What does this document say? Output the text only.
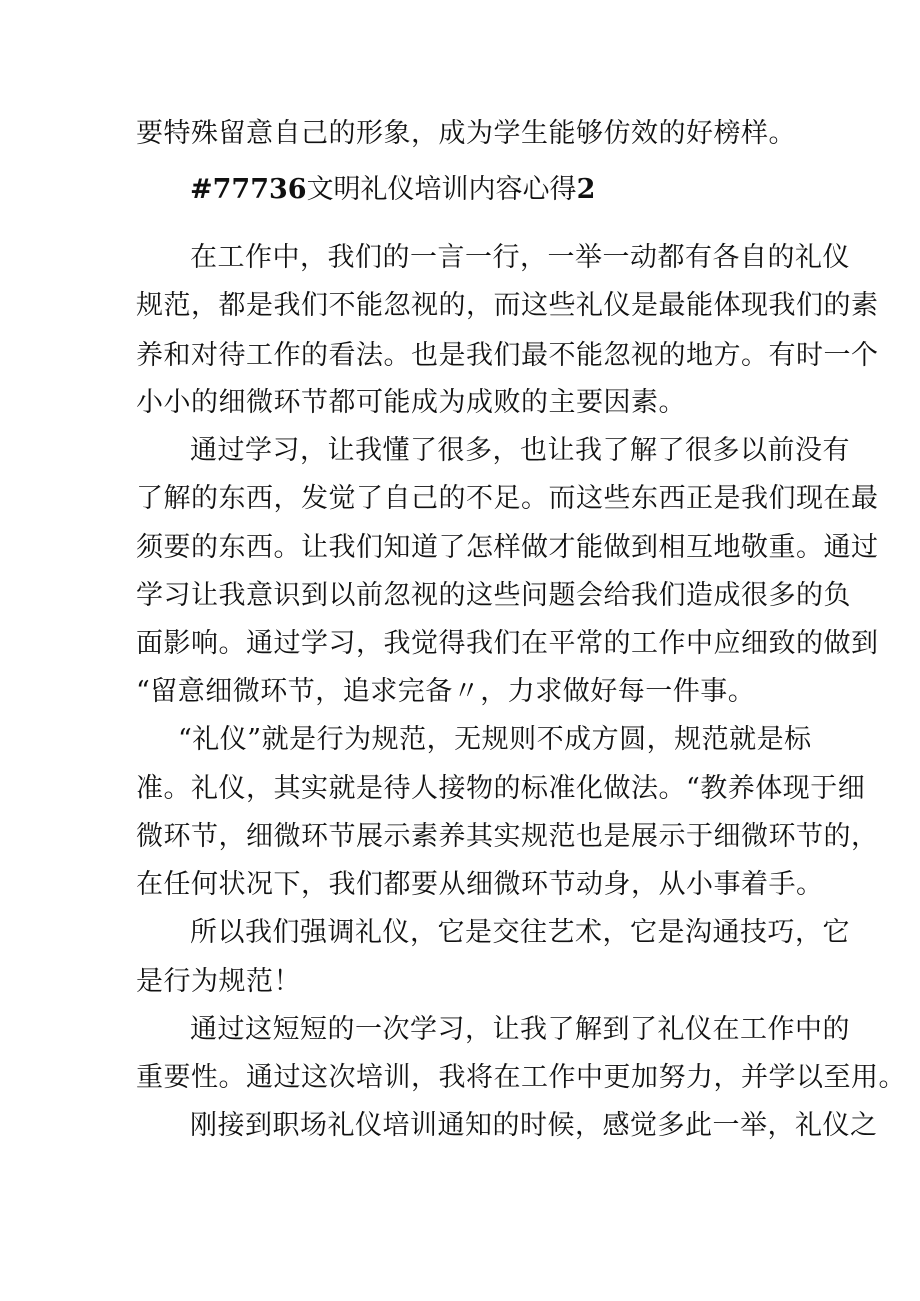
要特殊留意自己的形象，成为学生能够仿效的好榜样。
#77736文明礼仪培训内容心得2
在工作中，我们的一言一行，一举一动都有各自的礼仪
规范，都是我们不能忽视的，而这些礼仪是最能体现我们的素
养和对待工作的看法。也是我们最不能忽视的地方。有时一个
小小的细微环节都可能成为成败的主要因素。
通过学习，让我懂了很多，也让我了解了很多以前没有
了解的东西，发觉了自己的不足。而这些东西正是我们现在最
须要的东西。让我们知道了怎样做才能做到相互地敬重。通过
学习让我意识到以前忽视的这些问题会给我们造成很多的负
面影响。通过学习，我觉得我们在平常的工作中应细致的做到
“留意细微环节，追求完备〃，力求做好每一件事。
“礼仪”就是行为规范，无规则不成方圆，规范就是标
准。礼仪，其实就是待人接物的标准化做法。“教养体现于细
微环节，细微环节展示素养其实规范也是展示于细微环节的，
在任何状况下，我们都要从细微环节动身，从小事着手。
所以我们强调礼仪，它是交往艺术，它是沟通技巧，它
是行为规范！
通过这短短的一次学习，让我了解到了礼仪在工作中的
重要性。通过这次培训，我将在工作中更加努力，并学以至用。
刚接到职场礼仪培训通知的时候，感觉多此一举，礼仪之
